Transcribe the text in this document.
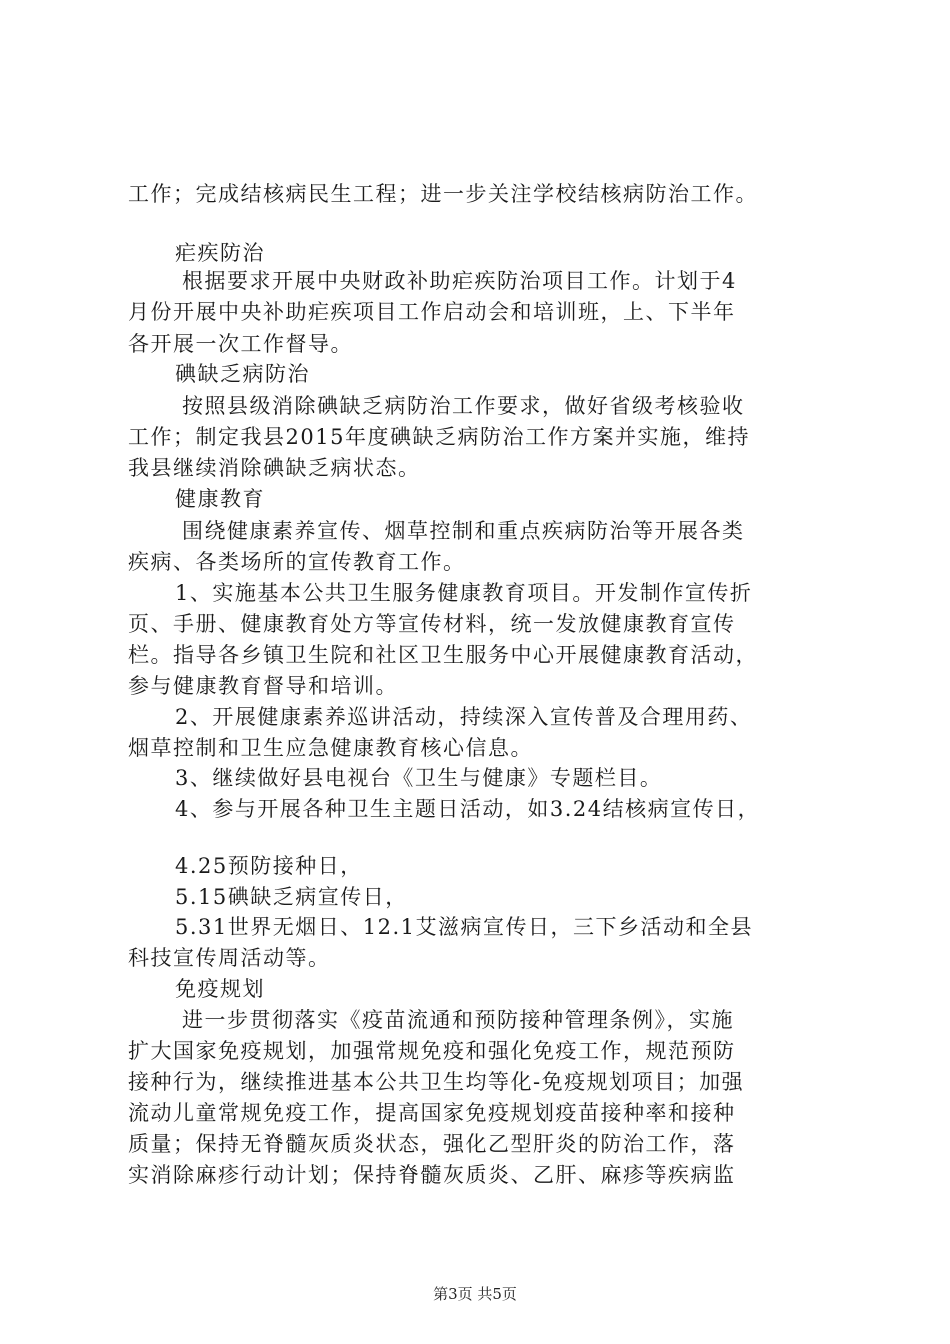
工作；完成结核病民生工程；进一步关注学校结核病防治工作。
疟疾防治
根据要求开展中央财政补助疟疾防治项目工作。计划于4
月份开展中央补助疟疾项目工作启动会和培训班，上、下半年
各开展一次工作督导。
碘缺乏病防治
按照县级消除碘缺乏病防治工作要求，做好省级考核验收
工作；制定我县2015年度碘缺乏病防治工作方案并实施，维持
我县继续消除碘缺乏病状态。
健康教育
围绕健康素养宣传、烟草控制和重点疾病防治等开展各类
疾病、各类场所的宣传教育工作。
1、实施基本公共卫生服务健康教育项目。开发制作宣传折
页、手册、健康教育处方等宣传材料，统一发放健康教育宣传
栏。指导各乡镇卫生院和社区卫生服务中心开展健康教育活动，
参与健康教育督导和培训。
2、开展健康素养巡讲活动，持续深入宣传普及合理用药、
烟草控制和卫生应急健康教育核心信息。
3、继续做好县电视台《卫生与健康》专题栏目。
4、参与开展各种卫生主题日活动，如3.24结核病宣传日，
4.25预防接种日，
5.15碘缺乏病宣传日，
5.31世界无烟日、12.1艾滋病宣传日，三下乡活动和全县
科技宣传周活动等。
免疫规划
进一步贯彻落实《疫苗流通和预防接种管理条例》，实施
扩大国家免疫规划，加强常规免疫和强化免疫工作，规范预防
接种行为，继续推进基本公共卫生均等化-免疫规划项目；加强
流动儿童常规免疫工作，提高国家免疫规划疫苗接种率和接种
质量；保持无脊髓灰质炎状态，强化乙型肝炎的防治工作，落
实消除麻疹行动计划；保持脊髓灰质炎、乙肝、麻疹等疾病监
第3页 共5页
